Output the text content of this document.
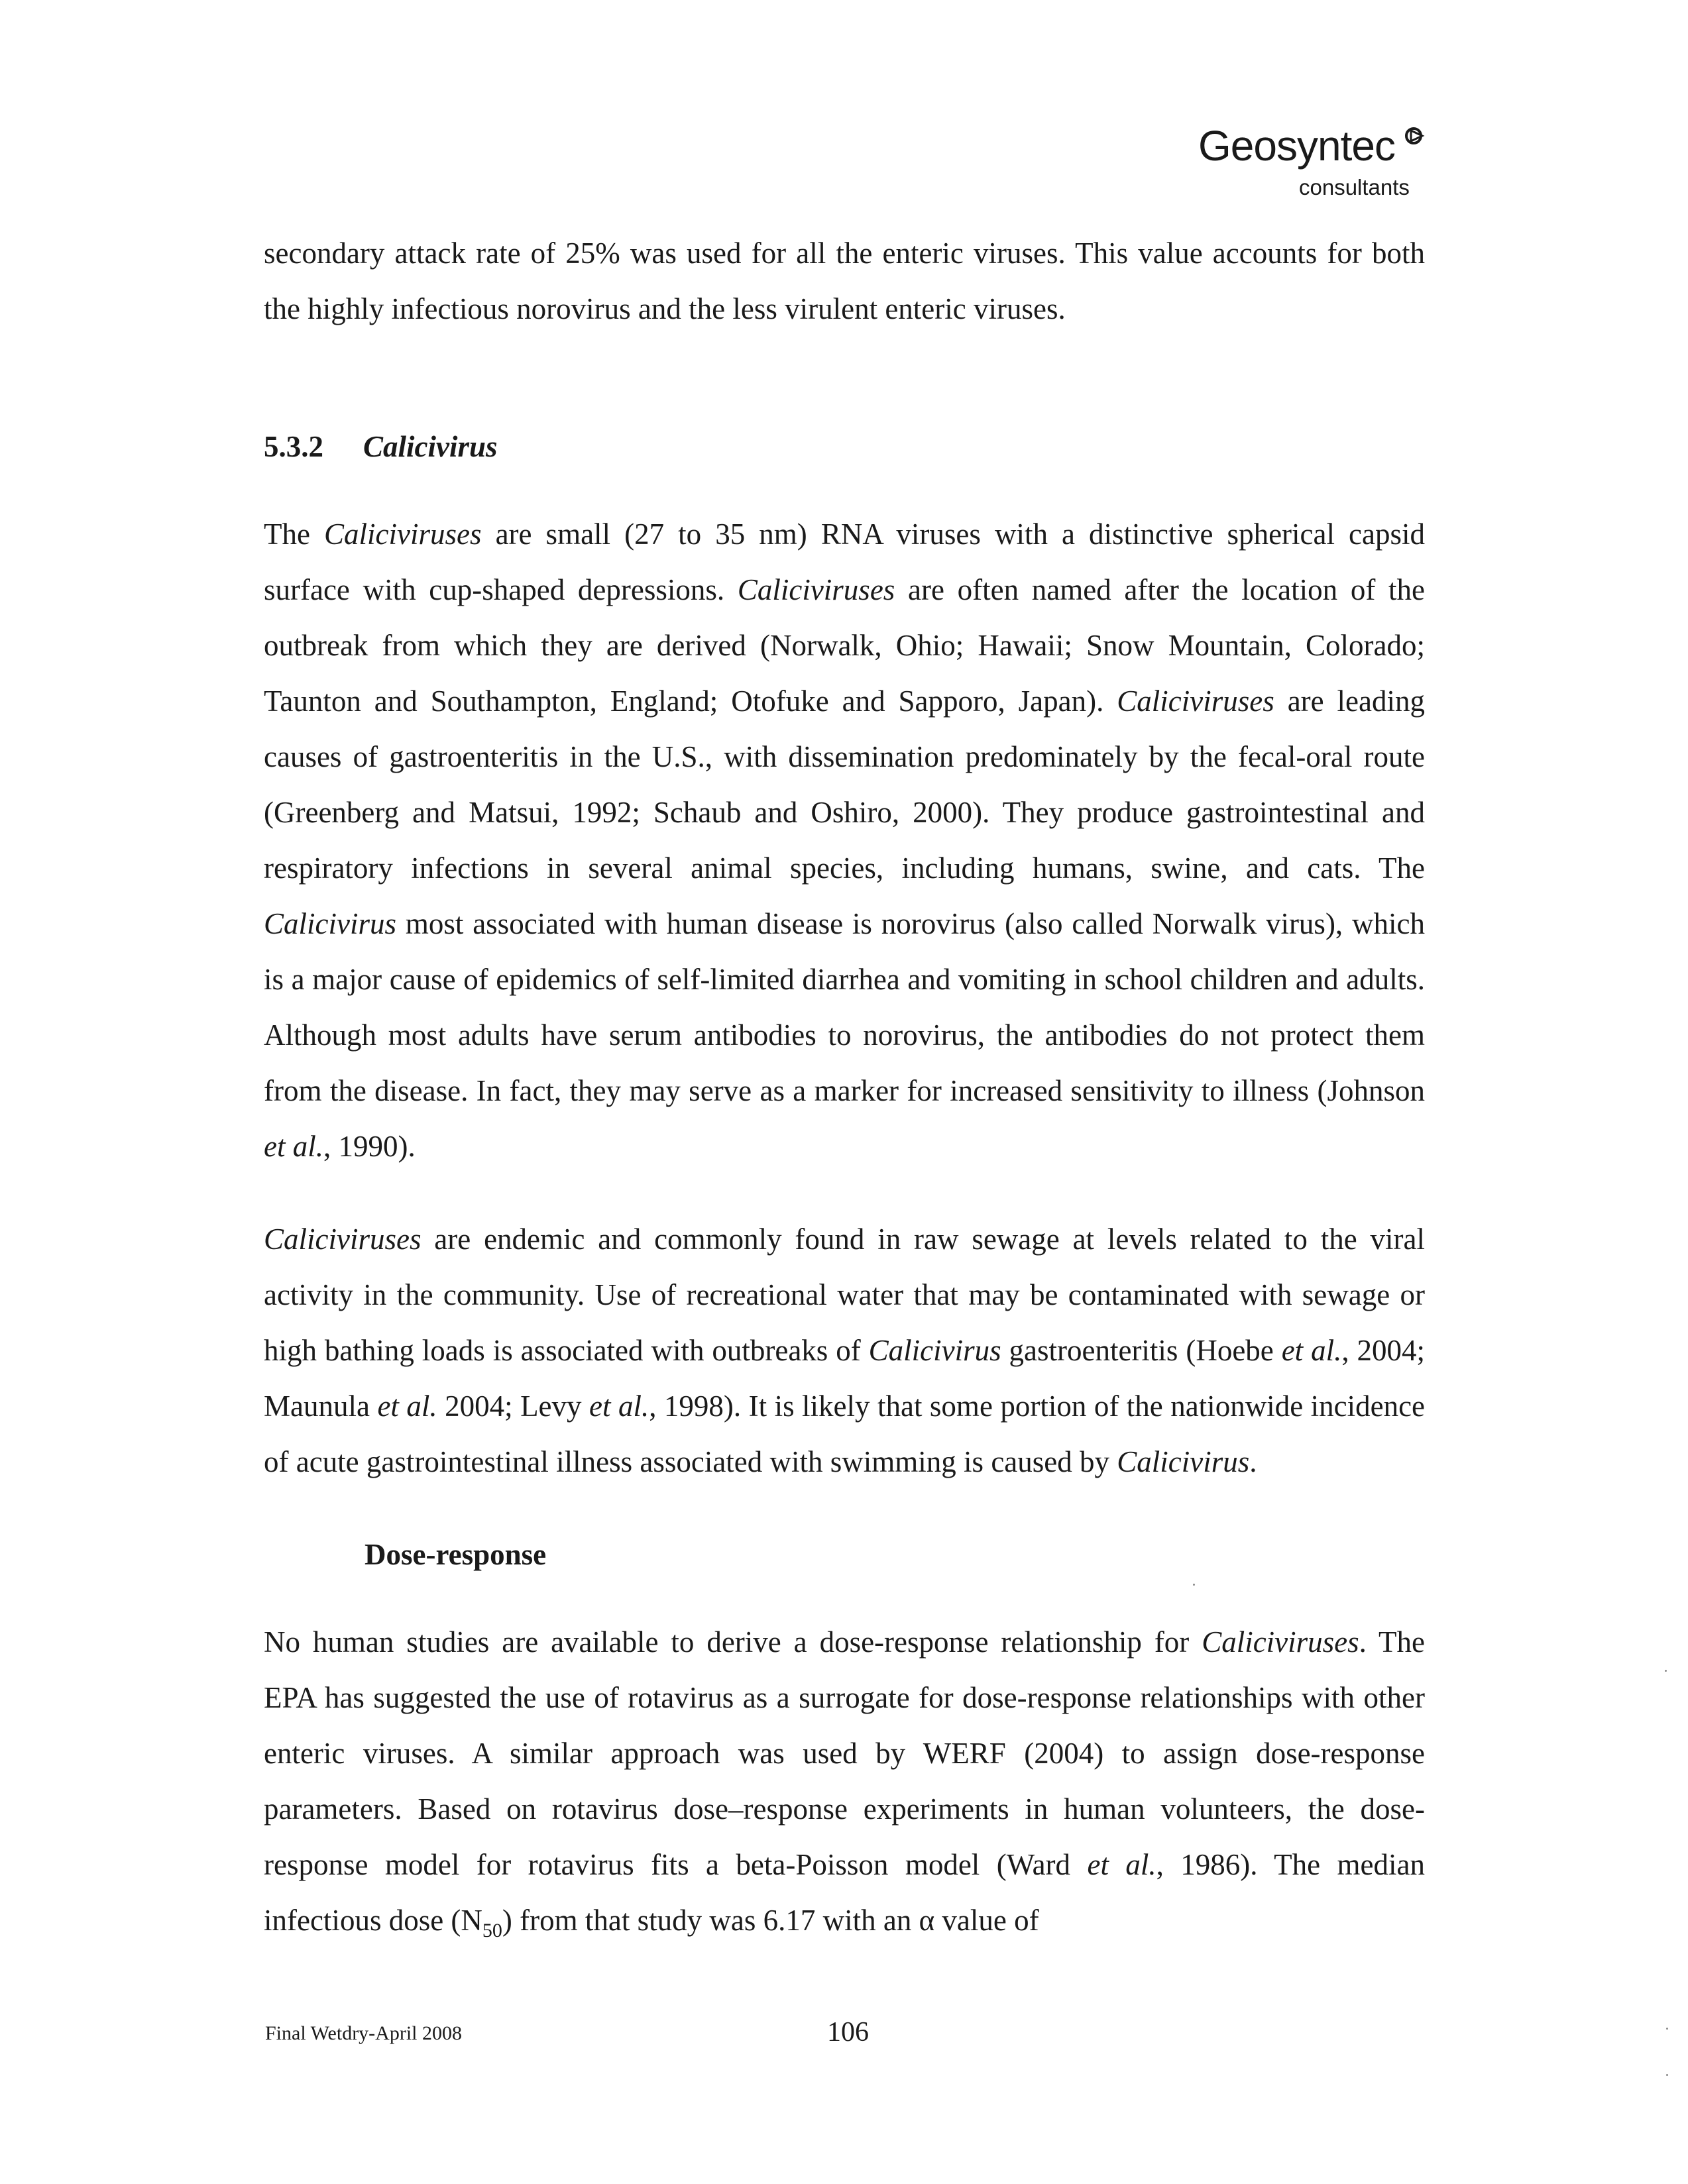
Geosyntec
consultants

secondary attack rate of 25% was used for all the enteric viruses. This value accounts for both the highly infectious norovirus and the less virulent enteric viruses.

5.3.2 Calicivirus

The Caliciviruses are small (27 to 35 nm) RNA viruses with a distinctive spherical capsid surface with cup-shaped depressions. Caliciviruses are often named after the location of the outbreak from which they are derived (Norwalk, Ohio; Hawaii; Snow Mountain, Colorado; Taunton and Southampton, England; Otofuke and Sapporo, Japan). Caliciviruses are leading causes of gastroenteritis in the U.S., with dissemination predominately by the fecal-oral route (Greenberg and Matsui, 1992; Schaub and Oshiro, 2000). They produce gastrointestinal and respiratory infections in several animal species, including humans, swine, and cats. The Calicivirus most associated with human disease is norovirus (also called Norwalk virus), which is a major cause of epidemics of self-limited diarrhea and vomiting in school children and adults. Although most adults have serum antibodies to norovirus, the antibodies do not protect them from the disease. In fact, they may serve as a marker for increased sensitivity to illness (Johnson et al., 1990).

Caliciviruses are endemic and commonly found in raw sewage at levels related to the viral activity in the community. Use of recreational water that may be contaminated with sewage or high bathing loads is associated with outbreaks of Calicivirus gastroenteritis (Hoebe et al., 2004; Maunula et al. 2004; Levy et al., 1998). It is likely that some portion of the nationwide incidence of acute gastrointestinal illness associated with swimming is caused by Calicivirus.

Dose-response

No human studies are available to derive a dose-response relationship for Caliciviruses. The EPA has suggested the use of rotavirus as a surrogate for dose-response relationships with other enteric viruses. A similar approach was used by WERF (2004) to assign dose-response parameters. Based on rotavirus dose–response experiments in human volunteers, the dose-response model for rotavirus fits a beta-Poisson model (Ward et al., 1986). The median infectious dose $(N_{50})$ from that study was 6.17 with an α value of

Final Wetdry-April 2008	106
